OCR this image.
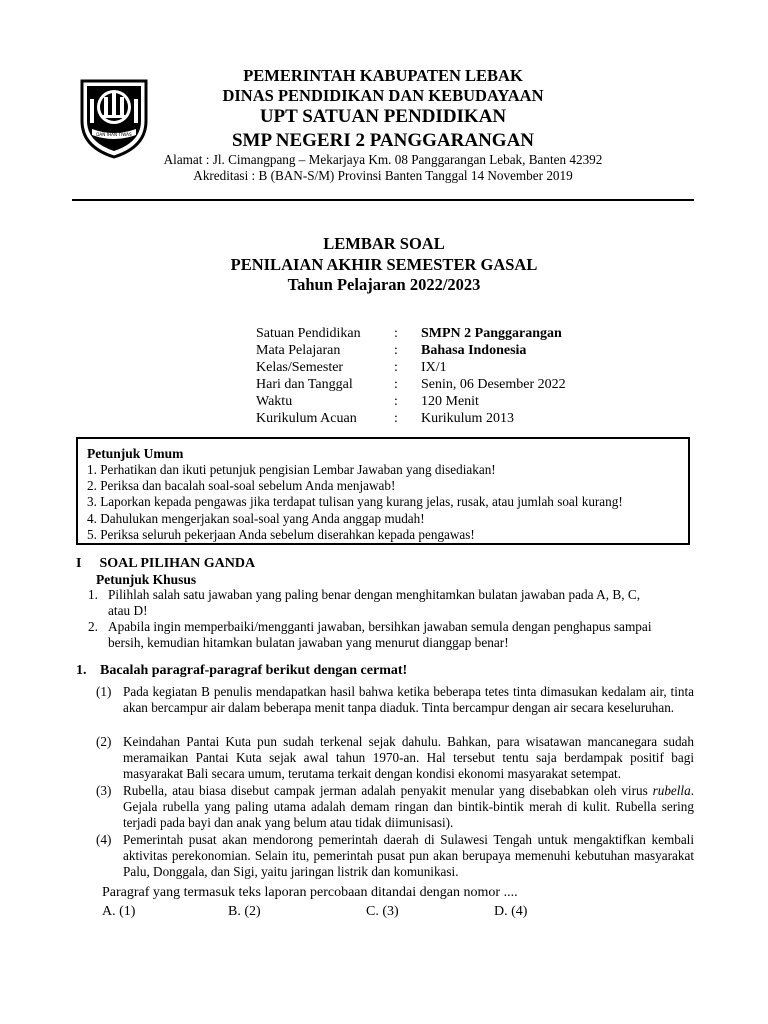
DAN IHAN TIWAS
PEMERINTAH KABUPATEN LEBAK
DINAS PENDIDIKAN DAN KEBUDAYAAN
UPT SATUAN PENDIDIKAN
SMP NEGERI 2 PANGGARANGAN
Alamat : Jl. Cimangpang – Mekarjaya Km. 08 Panggarangan Lebak, Banten 42392
Akreditasi : B (BAN-S/M) Provinsi Banten Tanggal 14 November 2019
LEMBAR SOAL
PENILAIAN AKHIR SEMESTER GASAL
Tahun Pelajaran 2022/2023
Satuan Pendidikan	:	SMPN 2 Panggarangan
Mata Pelajaran	:	Bahasa Indonesia
Kelas/Semester	:	IX/1
Hari dan Tanggal	:	Senin, 06 Desember 2022
Waktu	:	120 Menit
Kurikulum Acuan	:	Kurikulum 2013
Petunjuk Umum
1. Perhatikan dan ikuti petunjuk pengisian Lembar Jawaban yang disediakan!
2. Periksa dan bacalah soal-soal sebelum Anda menjawab!
3. Laporkan kepada pengawas jika terdapat tulisan yang kurang jelas, rusak, atau jumlah soal kurang!
4. Dahulukan mengerjakan soal-soal yang Anda anggap mudah!
5. Periksa seluruh pekerjaan Anda sebelum diserahkan kepada pengawas!
I SOAL PILIHAN GANDA
Petunjuk Khusus
1. Pilihlah salah satu jawaban yang paling benar dengan menghitamkan bulatan jawaban pada A, B, C,
atau D!
2. Apabila ingin memperbaiki/mengganti jawaban, bersihkan jawaban semula dengan penghapus sampai
bersih, kemudian hitamkan bulatan jawaban yang menurut dianggap benar!
1. Bacalah paragraf-paragraf berikut dengan cermat!
(1) Pada kegiatan B penulis mendapatkan hasil bahwa ketika beberapa tetes tinta dimasukan kedalam air, tinta akan bercampur air dalam beberapa menit tanpa diaduk. Tinta bercampur dengan air secara keseluruhan.
(2) Keindahan Pantai Kuta pun sudah terkenal sejak dahulu. Bahkan, para wisatawan mancanegara sudah meramaikan Pantai Kuta sejak awal tahun 1970-an. Hal tersebut tentu saja berdampak positif bagi masyarakat Bali secara umum, terutama terkait dengan kondisi ekonomi masyarakat setempat.
(3) Rubella, atau biasa disebut campak jerman adalah penyakit menular yang disebabkan oleh virus rubella. Gejala rubella yang paling utama adalah demam ringan dan bintik-bintik merah di kulit. Rubella sering terjadi pada bayi dan anak yang belum atau tidak diimunisasi).
(4) Pemerintah pusat akan mendorong pemerintah daerah di Sulawesi Tengah untuk mengaktifkan kembali aktivitas perekonomian. Selain itu, pemerintah pusat pun akan berupaya memenuhi kebutuhan masyarakat Palu, Donggala, dan Sigi, yaitu jaringan listrik dan komunikasi.
Paragraf yang termasuk teks laporan percobaan ditandai dengan nomor ....
A. (1)	B. (2)	C. (3)	D. (4)
